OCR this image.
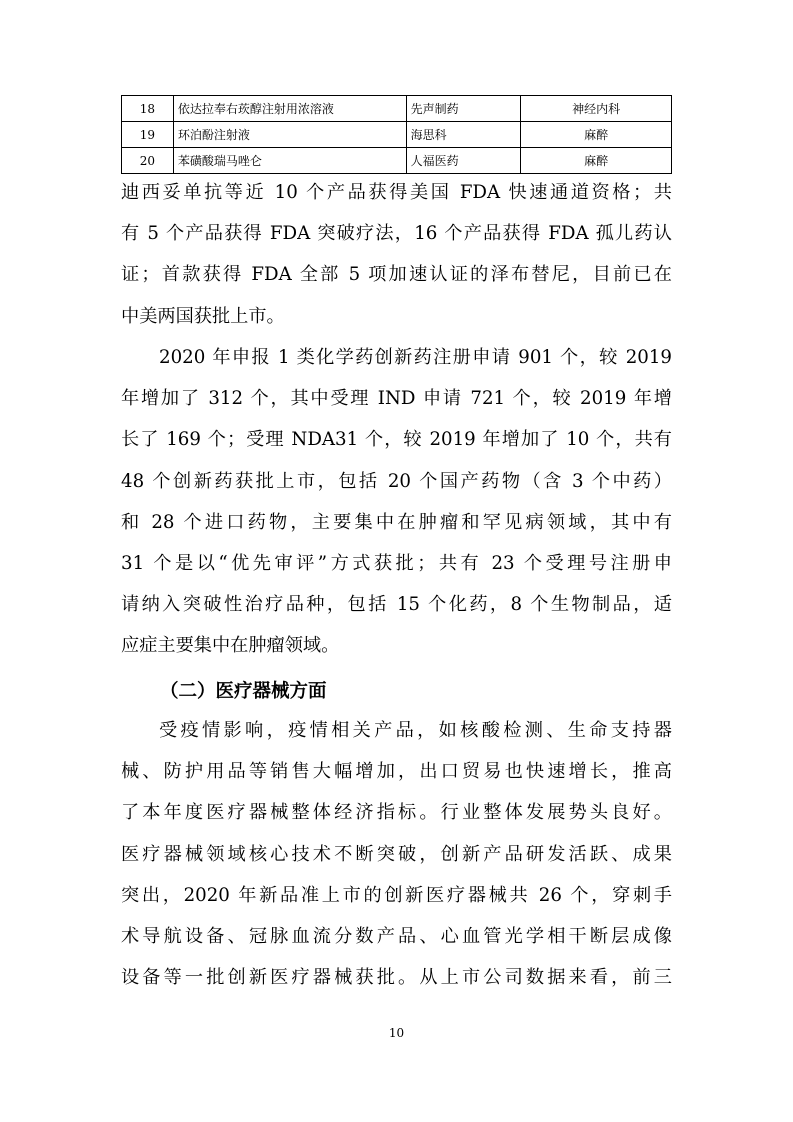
18	依达拉奉右莰醇注射用浓溶液	先声制药	神经内科
19	环泊酚注射液	海思科	麻醉
20	苯磺酸瑞马唑仑	人福医药	麻醉
迪西妥单抗等近 10 个产品获得美国 FDA 快速通道资格；共
有 5 个产品获得 FDA 突破疗法，16 个产品获得 FDA 孤儿药认
证；首款获得 FDA 全部 5 项加速认证的泽布替尼，目前已在
中美两国获批上市。
2020 年申报 1 类化学药创新药注册申请 901 个，较 2019
年增加了 312 个，其中受理 IND 申请 721 个，较 2019 年增
长了 169 个；受理 NDA31 个，较 2019 年增加了 10 个，共有
48 个创新药获批上市，包括 20 个国产药物（含 3 个中药）
和 28 个进口药物，主要集中在肿瘤和罕见病领域，其中有
31 个是以“优先审评”方式获批；共有 23 个受理号注册申
请纳入突破性治疗品种，包括 15 个化药，8 个生物制品，适
应症主要集中在肿瘤领域。
（二）医疗器械方面
受疫情影响，疫情相关产品，如核酸检测、生命支持器
械、防护用品等销售大幅增加，出口贸易也快速增长，推高
了本年度医疗器械整体经济指标。行业整体发展势头良好。
医疗器械领域核心技术不断突破，创新产品研发活跃、成果
突出，2020 年新品准上市的创新医疗器械共 26 个，穿刺手
术导航设备、冠脉血流分数产品、心血管光学相干断层成像
设备等一批创新医疗器械获批。从上市公司数据来看，前三
10
